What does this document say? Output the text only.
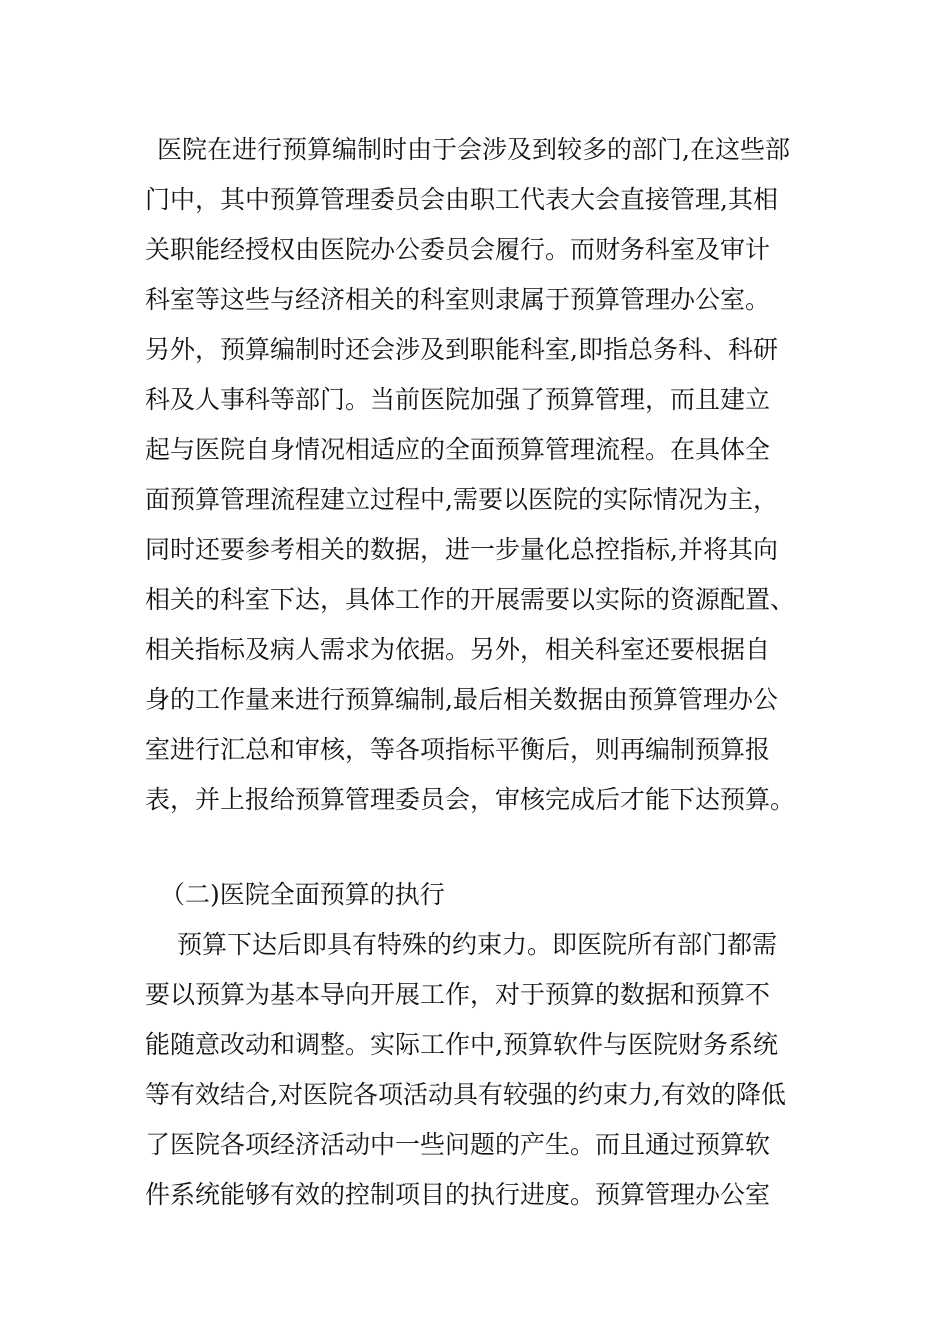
医院在进行预算编制时由于会涉及到较多的部门,在这些部
门中，其中预算管理委员会由职工代表大会直接管理,其相
关职能经授权由医院办公委员会履行。而财务科室及审计
科室等这些与经济相关的科室则隶属于预算管理办公室。
另外，预算编制时还会涉及到职能科室,即指总务科、科研
科及人事科等部门。当前医院加强了预算管理，而且建立
起与医院自身情况相适应的全面预算管理流程。在具体全
面预算管理流程建立过程中,需要以医院的实际情况为主，
同时还要参考相关的数据，进一步量化总控指标,并将其向
相关的科室下达，具体工作的开展需要以实际的资源配置、
相关指标及病人需求为依据。另外，相关科室还要根据自
身的工作量来进行预算编制,最后相关数据由预算管理办公
室进行汇总和审核，等各项指标平衡后，则再编制预算报
表，并上报给预算管理委员会，审核完成后才能下达预算。
（二)医院全面预算的执行
预算下达后即具有特殊的约束力。即医院所有部门都需
要以预算为基本导向开展工作，对于预算的数据和预算不
能随意改动和调整。实际工作中,预算软件与医院财务系统
等有效结合,对医院各项活动具有较强的约束力,有效的降低
了医院各项经济活动中一些问题的产生。而且通过预算软
件系统能够有效的控制项目的执行进度。预算管理办公室
